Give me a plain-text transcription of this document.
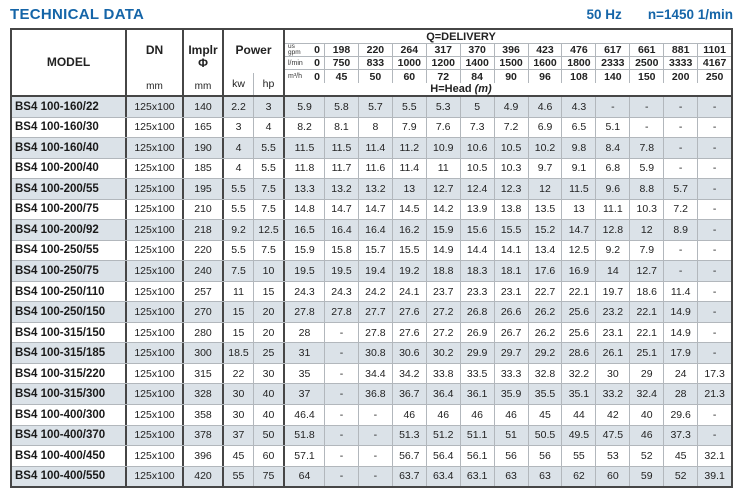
TECHNICAL DATA	50 Hz n=1450 1/min
MODEL
DN
mm
Implr
Φ
mm
Power
kw	hp
Q=DELIVERY
us
gpm 0	198	220	264	317	370	396	423	476	617	661	881	1101
l/min 0	750	833	1000	1200	1400	1500	1600	1800	2333	2500	3333	4167
m³/h 0	45	50	60	72	84	90	96	108	140	150	200	250
H=Head (m)
BS4 100-160/22	125x100	140	2.2	3	5.9	5.8	5.7	5.5	5.3	5	4.9	4.6	4.3	-	-	-	-
BS4 100-160/30	125x100	165	3	4	8.2	8.1	8	7.9	7.6	7.3	7.2	6.9	6.5	5.1	-	-	-
BS4 100-160/40	125x100	190	4	5.5	11.5	11.5	11.4	11.2	10.9	10.6	10.5	10.2	9.8	8.4	7.8	-	-
BS4 100-200/40	125x100	185	4	5.5	11.8	11.7	11.6	11.4	11	10.5	10.3	9.7	9.1	6.8	5.9	-	-
BS4 100-200/55	125x100	195	5.5	7.5	13.3	13.2	13.2	13	12.7	12.4	12.3	12	11.5	9.6	8.8	5.7	-
BS4 100-200/75	125x100	210	5.5	7.5	14.8	14.7	14.7	14.5	14.2	13.9	13.8	13.5	13	11.1	10.3	7.2	-
BS4 100-200/92	125x100	218	9.2	12.5	16.5	16.4	16.4	16.2	15.9	15.6	15.5	15.2	14.7	12.8	12	8.9	-
BS4 100-250/55	125x100	220	5.5	7.5	15.9	15.8	15.7	15.5	14.9	14.4	14.1	13.4	12.5	9.2	7.9	-	-
BS4 100-250/75	125x100	240	7.5	10	19.5	19.5	19.4	19.2	18.8	18.3	18.1	17.6	16.9	14	12.7	-	-
BS4 100-250/110	125x100	257	11	15	24.3	24.3	24.2	24.1	23.7	23.3	23.1	22.7	22.1	19.7	18.6	11.4	-
BS4 100-250/150	125x100	270	15	20	27.8	27.8	27.7	27.6	27.2	26.8	26.6	26.2	25.6	23.2	22.1	14.9	-
BS4 100-315/150	125x100	280	15	20	28	-	27.8	27.6	27.2	26.9	26.7	26.2	25.6	23.1	22.1	14.9	-
BS4 100-315/185	125x100	300	18.5	25	31	-	30.8	30.6	30.2	29.9	29.7	29.2	28.6	26.1	25.1	17.9	-
BS4 100-315/220	125x100	315	22	30	35	-	34.4	34.2	33.8	33.5	33.3	32.8	32.2	30	29	24	17.3
BS4 100-315/300	125x100	328	30	40	37	-	36.8	36.7	36.4	36.1	35.9	35.5	35.1	33.2	32.4	28	21.3
BS4 100-400/300	125x100	358	30	40	46.4	-	-	46	46	46	46	45	44	42	40	29.6	-
BS4 100-400/370	125x100	378	37	50	51.8	-	-	51.3	51.2	51.1	51	50.5	49.5	47.5	46	37.3	-
BS4 100-400/450	125x100	396	45	60	57.1	-	-	56.7	56.4	56.1	56	56	55	53	52	45	32.1
BS4 100-400/550	125x100	420	55	75	64	-	-	63.7	63.4	63.1	63	63	62	60	59	52	39.1
